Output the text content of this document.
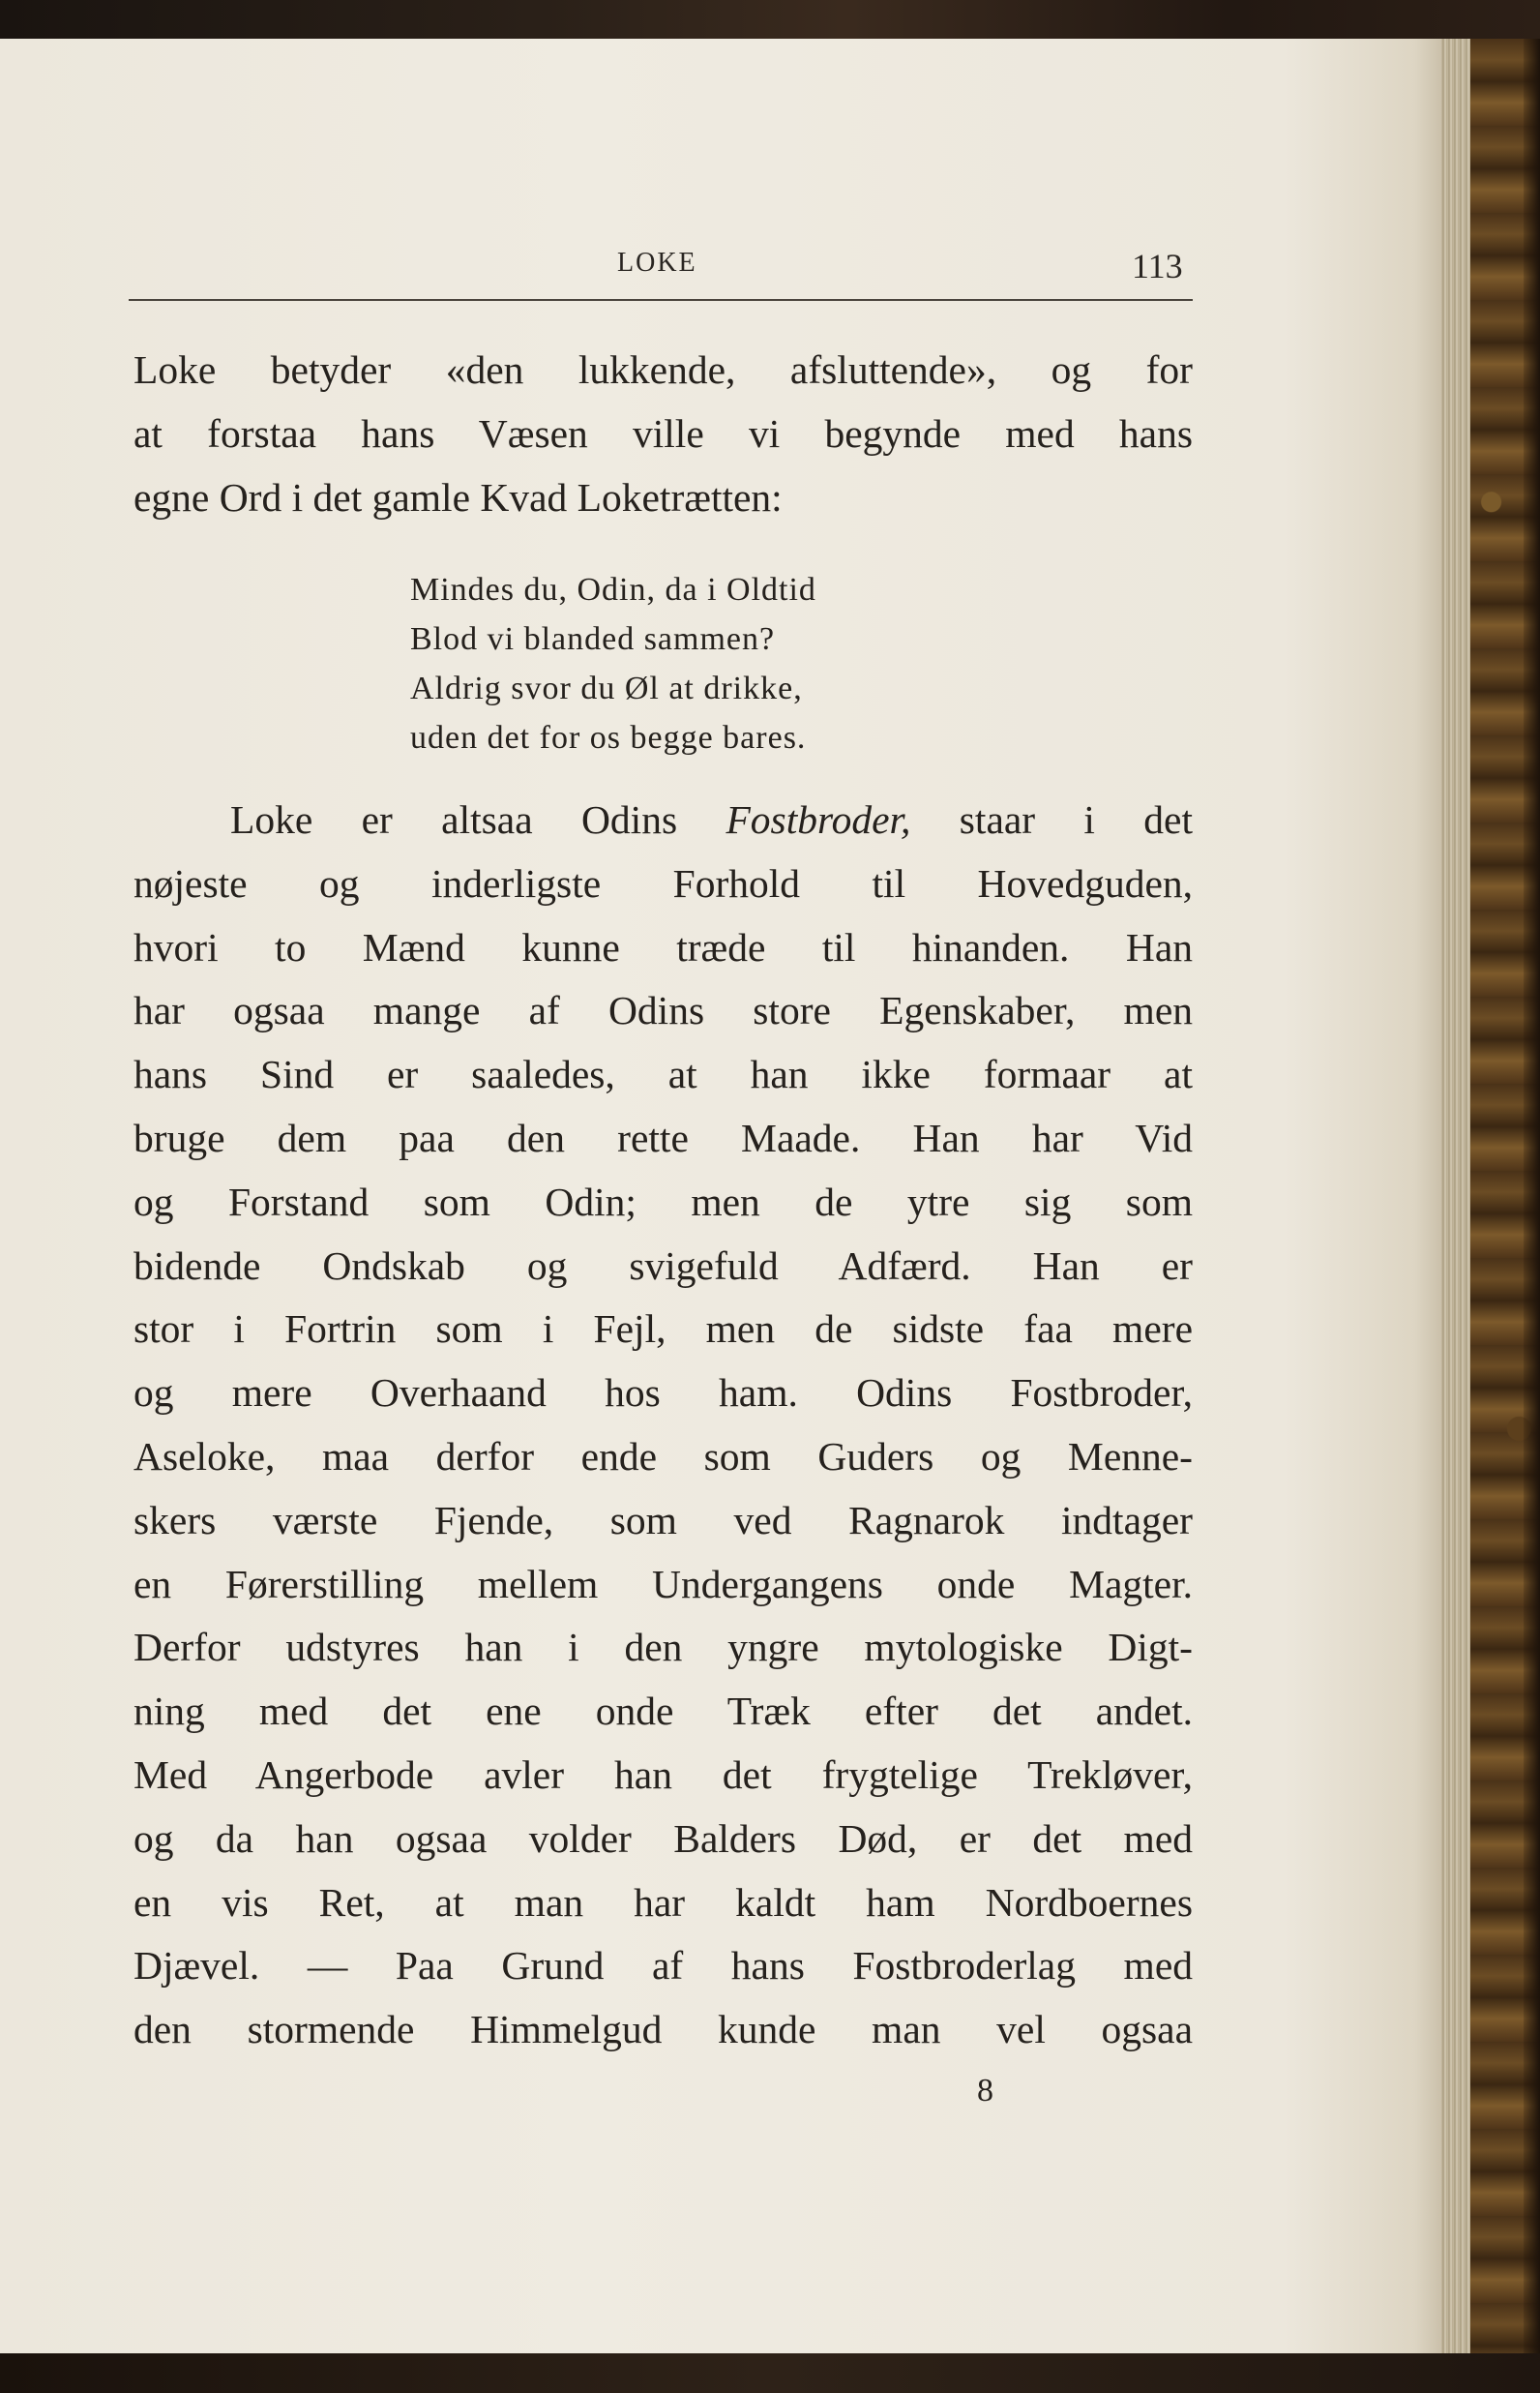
LOKE	113
Loke betyder «den lukkende, afsluttende», og for
at forstaa hans Væsen ville vi begynde med hans
egne Ord i det gamle Kvad Loketrætten:
Mindes du, Odin, da i Oldtid
Blod vi blanded sammen?
Aldrig svor du Øl at drikke,
uden det for os begge bares.
Loke er altsaa Odins Fostbroder, staar i det
nøjeste og inderligste Forhold til Hovedguden,
hvori to Mænd kunne træde til hinanden. Han
har ogsaa mange af Odins store Egenskaber, men
hans Sind er saaledes, at han ikke formaar at
bruge dem paa den rette Maade. Han har Vid
og Forstand som Odin; men de ytre sig som
bidende Ondskab og svigefuld Adfærd. Han er
stor i Fortrin som i Fejl, men de sidste faa mere
og mere Overhaand hos ham. Odins Fostbroder,
Aseloke, maa derfor ende som Guders og Menne-
skers værste Fjende, som ved Ragnarok indtager
en Førerstilling mellem Undergangens onde Magter.
Derfor udstyres han i den yngre mytologiske Digt-
ning med det ene onde Træk efter det andet.
Med Angerbode avler han det frygtelige Trekløver,
og da han ogsaa volder Balders Død, er det med
en vis Ret, at man har kaldt ham Nordboernes
Djævel. — Paa Grund af hans Fostbroderlag med
den stormende Himmelgud kunde man vel ogsaa
8
